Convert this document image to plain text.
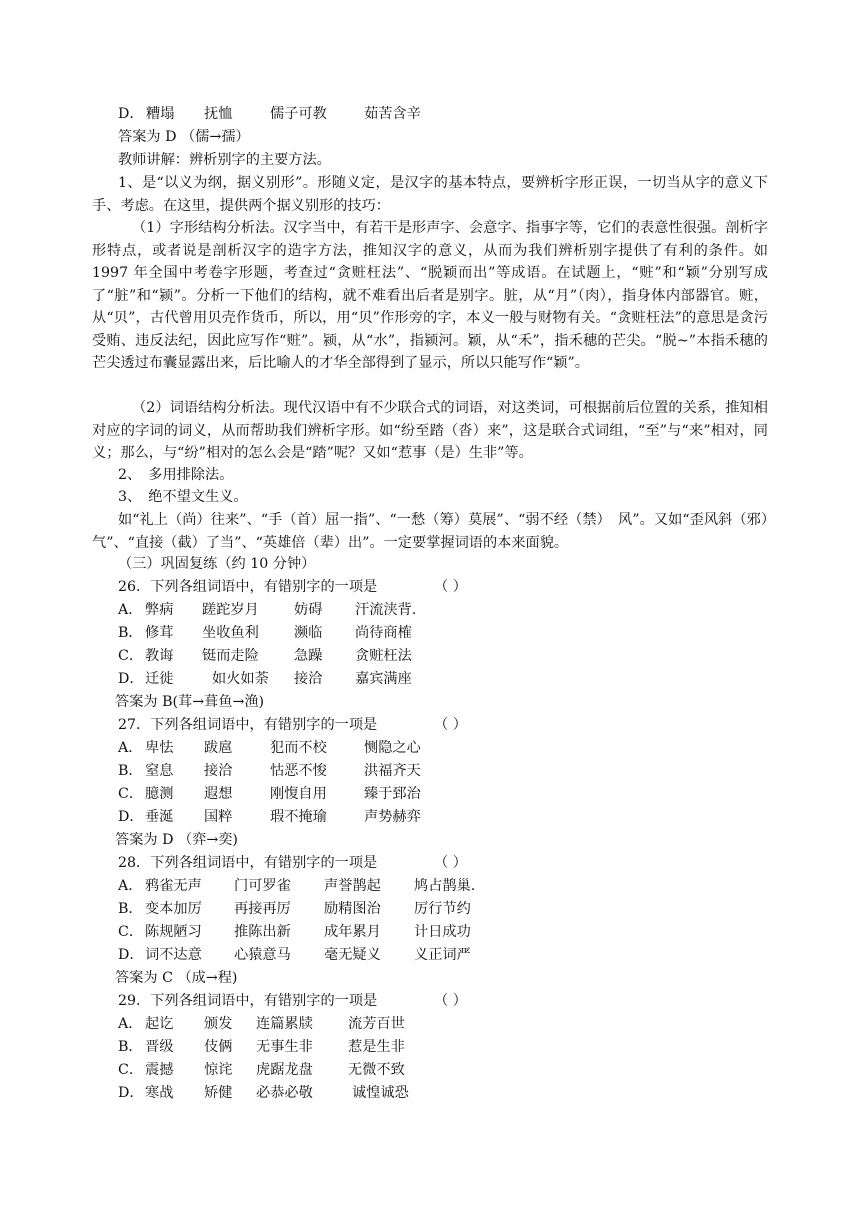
D． 糟塌 抚恤	儒子可教	茹苦含辛
答案为 D （儒→孺）
教师讲解：辨析别字的主要方法。
1、是“以义为纲，据义别形”。形随义定，是汉字的基本特点，要辨析字形正误，一切当从字的意义下手、考虑。在这里，提供两个据义别形的技巧：
（1）字形结构分析法。汉字当中，有若干是形声字、会意字、指事字等，它们的表意性很强。剖析字形特点，或者说是剖析汉字的造字方法，推知汉字的意义，从而为我们辨析别字提供了有利的条件。如 1997 年全国中考卷字形题，考查过“贪赃枉法”、“脱颖而出”等成语。在试题上，“赃”和“颖”分别写成了“脏”和“颍”。分析一下他们的结构，就不难看出后者是别字。脏，从“月”（肉），指身体内部器官。赃，从“贝”，古代曾用贝壳作货币，所以，用“贝”作形旁的字，本义一般与财物有关。“贪赃枉法”的意思是贪污受贿、违反法纪，因此应写作“赃”。颍，从“水”，指颍河。颖，从“禾”，指禾穗的芒尖。“脱~”本指禾穗的芒尖透过布囊显露出来，后比喻人的才华全部得到了显示，所以只能写作“颖”。
（2）词语结构分析法。现代汉语中有不少联合式的词语，对这类词，可根据前后位置的关系，推知相对应的字词的词义，从而帮助我们辨析字形。如“纷至踏（沓）来”，这是联合式词组，“至”与“来”相对，同义；那么，与“纷”相对的怎么会是“踏”呢？又如“惹事（是）生非”等。
2、　多用排除法。
3、　绝不望文生义。
如“礼上（尚）往来”、“手（首）屈一指”、“一愁（筹）莫展”、“弱不经（禁）　风”。又如“歪风斜（邪）气”、“直接（截）了当”、“英雄倍（辈）出”。一定要掌握词语的本来面貌。
（三）巩固复练（约 10 分钟）
26．下列各组词语中，有错别字的一项是	（ ）
A． 弊病 蹉跎岁月 妨碍 汗流浃背.
B． 修茸 坐收鱼利 濒临 尚待商榷
C． 教诲 铤而走险 急躁 贪赃枉法
D． 迁徙	如火如荼 接洽 嘉宾满座
答案为 B(茸→葺鱼→渔)
27．下列各组词语中，有错别字的一项是	（ ）
A． 卑怯 跋扈	犯而不校	恻隐之心
B． 窒息 接洽	怙恶不悛	洪福齐天
C． 臆测 遐想	刚愎自用	臻于郅治
D． 垂涎 国粹	瑕不掩瑜	声势赫弈
答案为 D （弈→奕)
28．下列各组词语中，有错别字的一项是	（ ）
A． 鸦雀无声 门可罗雀 声誉鹊起 鸠占鹊巢.
B． 变本加厉 再接再厉 励精图治 厉行节约
C． 陈规陋习 推陈出新 成年累月 计日成功
D． 词不达意 心猿意马 毫无疑义 义正词严
答案为 C （成→程)
29．下列各组词语中，有错别字的一项是	（ ）
A． 起讫 颁发 连篇累牍 流芳百世
B． 晋级 伎俩 无事生非 惹是生非
C． 震撼 惊诧 虎踞龙盘 无微不致
D． 寒战 矫健 必恭必敬	诚惶诚恐
